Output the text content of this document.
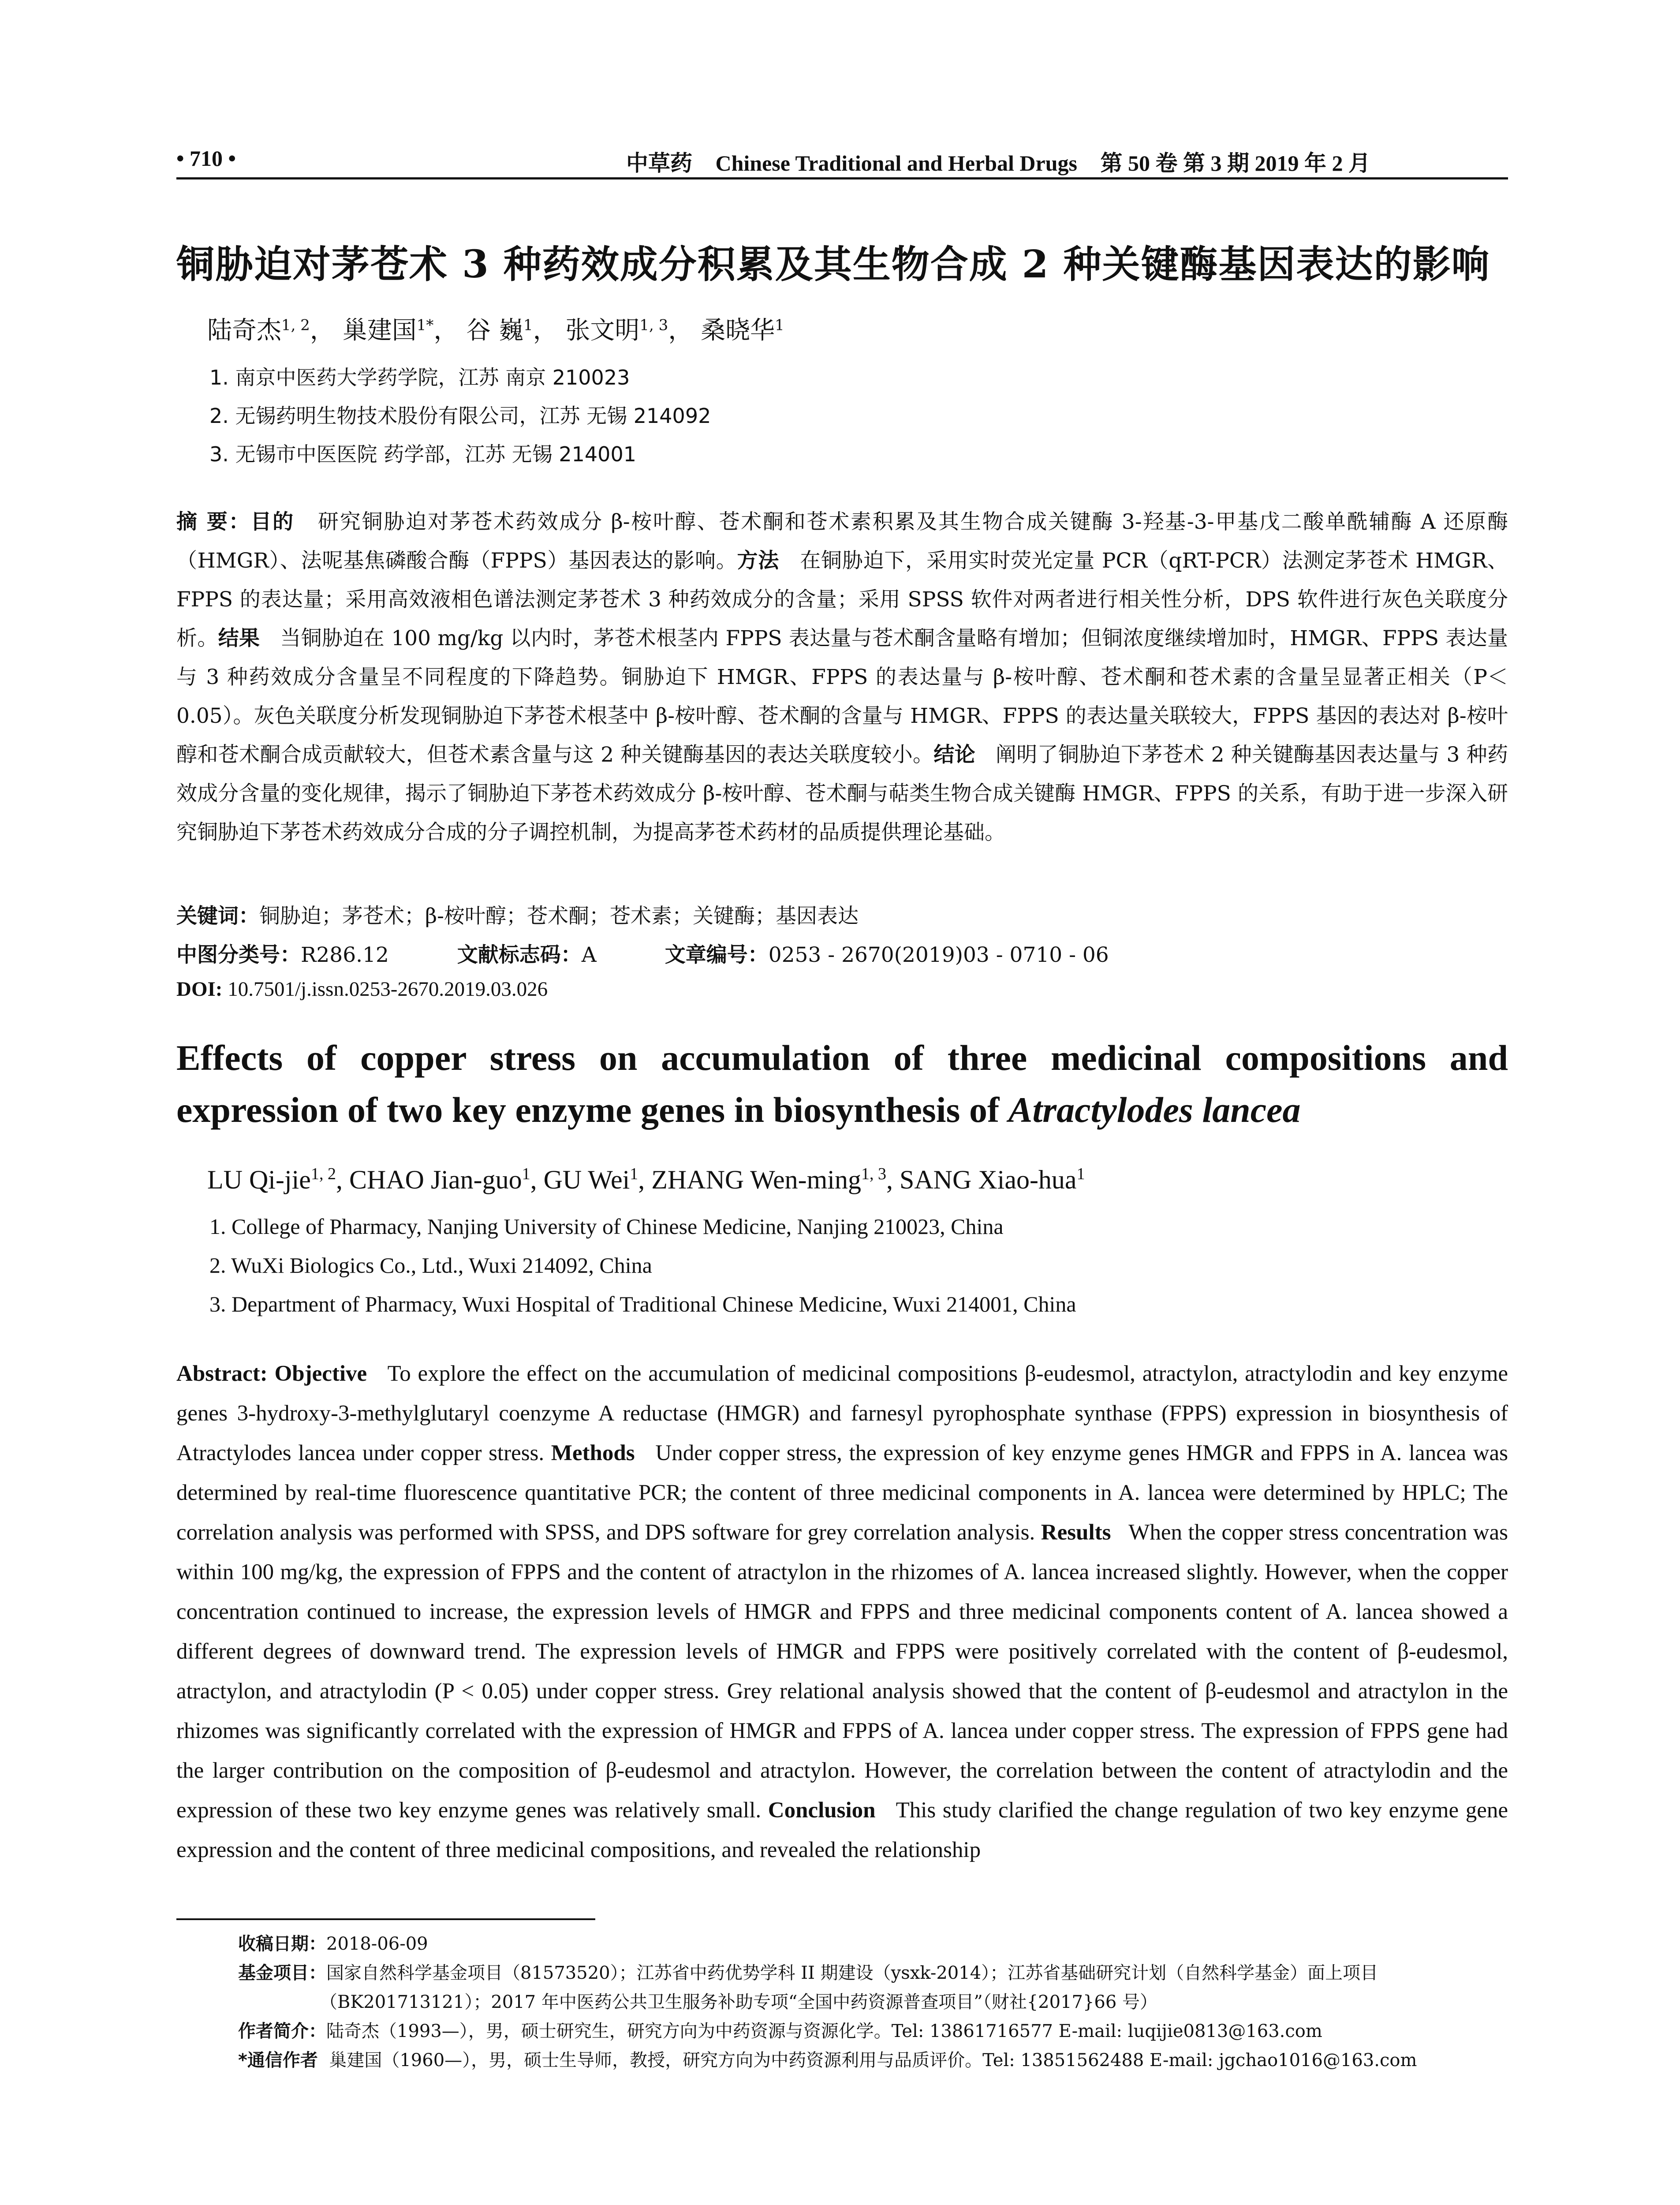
• 710 •	中草药 Chinese Traditional and Herbal Drugs 第 50 卷 第 3 期 2019 年 2 月
铜胁迫对茅苍术 3 种药效成分积累及其生物合成 2 种关键酶基因表达的影响
陆奇杰$^{1, 2}$， 巢建国$^{1*}$， 谷 巍$^1$， 张文明$^{1, 3}$， 桑晓华$^1$
1. 南京中医药大学药学院，江苏 南京 210023
2. 无锡药明生物技术股份有限公司，江苏 无锡 214092
3. 无锡市中医医院 药学部，江苏 无锡 214001
摘 要：目的 研究铜胁迫对茅苍术药效成分 β-桉叶醇、苍术酮和苍术素积累及其生物合成关键酶 3-羟基-3-甲基戊二酸单酰辅酶 A 还原酶（HMGR）、法呢基焦磷酸合酶（FPPS）基因表达的影响。方法 在铜胁迫下，采用实时荧光定量 PCR（qRT-PCR）法测定茅苍术 HMGR、FPPS 的表达量；采用高效液相色谱法测定茅苍术 3 种药效成分的含量；采用 SPSS 软件对两者进行相关性分析，DPS 软件进行灰色关联度分析。结果 当铜胁迫在 100 mg/kg 以内时，茅苍术根茎内 FPPS 表达量与苍术酮含量略有增加；但铜浓度继续增加时，HMGR、FPPS 表达量与 3 种药效成分含量呈不同程度的下降趋势。铜胁迫下 HMGR、FPPS 的表达量与 β-桉叶醇、苍术酮和苍术素的含量呈显著正相关（P＜0.05）。灰色关联度分析发现铜胁迫下茅苍术根茎中 β-桉叶醇、苍术酮的含量与 HMGR、FPPS 的表达量关联较大，FPPS 基因的表达对 β-桉叶醇和苍术酮合成贡献较大，但苍术素含量与这 2 种关键酶基因的表达关联度较小。结论 阐明了铜胁迫下茅苍术 2 种关键酶基因表达量与 3 种药效成分含量的变化规律，揭示了铜胁迫下茅苍术药效成分 β-桉叶醇、苍术酮与萜类生物合成关键酶 HMGR、FPPS 的关系，有助于进一步深入研究铜胁迫下茅苍术药效成分合成的分子调控机制，为提高茅苍术药材的品质提供理论基础。
关键词：铜胁迫；茅苍术；β-桉叶醇；苍术酮；苍术素；关键酶；基因表达
中图分类号：R286.12	文献标志码：A	文章编号：0253 - 2670(2019)03 - 0710 - 06
DOI: 10.7501/j.issn.0253-2670.2019.03.026
Effects of copper stress on accumulation of three medicinal compositions and
expression of two key enzyme genes in biosynthesis of Atractylodes lancea
LU Qi-jie$^{1, 2}$, CHAO Jian-guo$^1$, GU Wei$^1$, ZHANG Wen-ming$^{1, 3}$, SANG Xiao-hua$^1$
1. College of Pharmacy, Nanjing University of Chinese Medicine, Nanjing 210023, China
2. WuXi Biologics Co., Ltd., Wuxi 214092, China
3. Department of Pharmacy, Wuxi Hospital of Traditional Chinese Medicine, Wuxi 214001, China
Abstract: Objective To explore the effect on the accumulation of medicinal compositions β-eudesmol, atractylon, atractylodin and key enzyme genes 3-hydroxy-3-methylglutaryl coenzyme A reductase (HMGR) and farnesyl pyrophosphate synthase (FPPS) expression in biosynthesis of Atractylodes lancea under copper stress. Methods Under copper stress, the expression of key enzyme genes HMGR and FPPS in A. lancea was determined by real-time fluorescence quantitative PCR; the content of three medicinal components in A. lancea were determined by HPLC; The correlation analysis was performed with SPSS, and DPS software for grey correlation analysis. Results When the copper stress concentration was within 100 mg/kg, the expression of FPPS and the content of atractylon in the rhizomes of A. lancea increased slightly. However, when the copper concentration continued to increase, the expression levels of HMGR and FPPS and three medicinal components content of A. lancea showed a different degrees of downward trend. The expression levels of HMGR and FPPS were positively correlated with the content of β-eudesmol, atractylon, and atractylodin (P < 0.05) under copper stress. Grey relational analysis showed that the content of β-eudesmol and atractylon in the rhizomes was significantly correlated with the expression of HMGR and FPPS of A. lancea under copper stress. The expression of FPPS gene had the larger contribution on the composition of β-eudesmol and atractylon. However, the correlation between the content of atractylodin and the expression of these two key enzyme genes was relatively small. Conclusion This study clarified the change regulation of two key enzyme gene expression and the content of three medicinal compositions, and revealed the relationship
收稿日期：2018-06-09
基金项目：国家自然科学基金项目（81573520）；江苏省中药优势学科 II 期建设（ysxk-2014）；江苏省基础研究计划（自然科学基金）面上项目（BK201713121）；2017 年中医药公共卫生服务补助专项“全国中药资源普查项目”（财社{2017}66 号）
作者简介：陆奇杰（1993—），男，硕士研究生，研究方向为中药资源与资源化学。Tel: 13861716577 E-mail: luqijie0813@163.com
*通信作者 巢建国（1960—），男，硕士生导师，教授，研究方向为中药资源利用与品质评价。Tel: 13851562488 E-mail: jgchao1016@163.com
